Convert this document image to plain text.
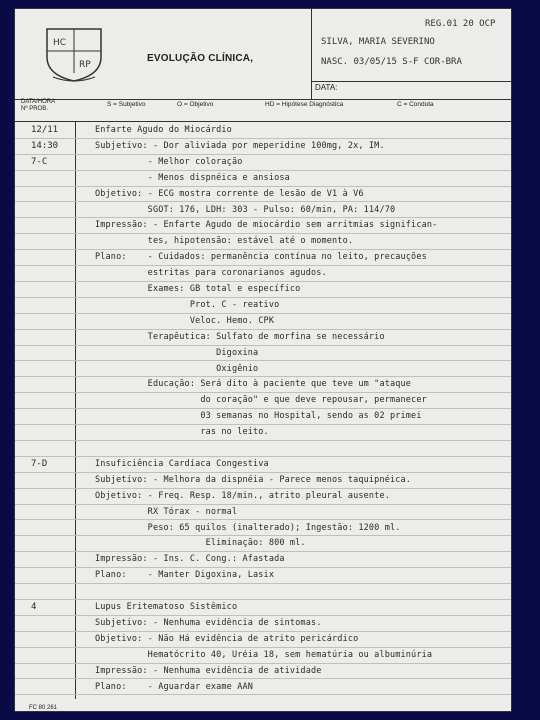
HC
RP
EVOLUÇÃO CLÍNICA,
REG.01 20 OCP
SILVA, MARIA SEVERINO
NASC. 03/05/15 S-F COR-BRA
DATA:
DATA/HORA
Nº PROB.
S = Subjetivo	O = Objetivo	HD = Hipótese Diagnóstica	C = Conduta
12/11	Enfarte Agudo do Miocárdio
14:30	Subjetivo: - Dor aliviada por meperidine 100mg, 2x, IM.
7-C	- Melhor coloração
- Menos dispnéica e ansiosa
Objetivo: - ECG mostra corrente de lesão de V1 à V6
SGOT: 176, LDH: 303 - Pulso: 60/min, PA: 114/70
Impressão: - Enfarte Agudo de miocárdio sem arritmias significan-
tes, hipotensão: estável até o momento.
Plano:    - Cuidados: permanência contínua no leito, precauções
estritas para coronarianos agudos.
Exames: GB total e específico
Prot. C - reativo
Veloc. Hemo. CPK
Terapêutica: Sulfato de morfina se necessário
Digoxina
Oxigênio
Educação: Será dito à paciente que teve um "ataque
do coração" e que deve repousar, permanecer
03 semanas no Hospital, sendo as 02 primei
ras no leito.
7-D	Insuficiência Cardíaca Congestiva
Subjetivo: - Melhora da dispnéia - Parece menos taquipnéica.
Objetivo: - Freq. Resp. 18/min., atrito pleural ausente.
RX Tórax - normal
Peso: 65 quilos (inalterado); Ingestão: 1200 ml.
Eliminação: 800 ml.
Impressão: - Ins. C. Cong.: Afastada
Plano:    - Manter Digoxina, Lasix
4	Lupus Eritematoso Sistêmico
Subjetivo: - Nenhuma evidência de sintomas.
Objetivo: - Não Há evidência de atrito pericárdico
Hematócrito 40, Uréia 18, sem hematúria ou albuminúria
Impressão: - Nenhuma evidência de atividade
Plano:    - Aguardar exame AAN
FC 80 261
